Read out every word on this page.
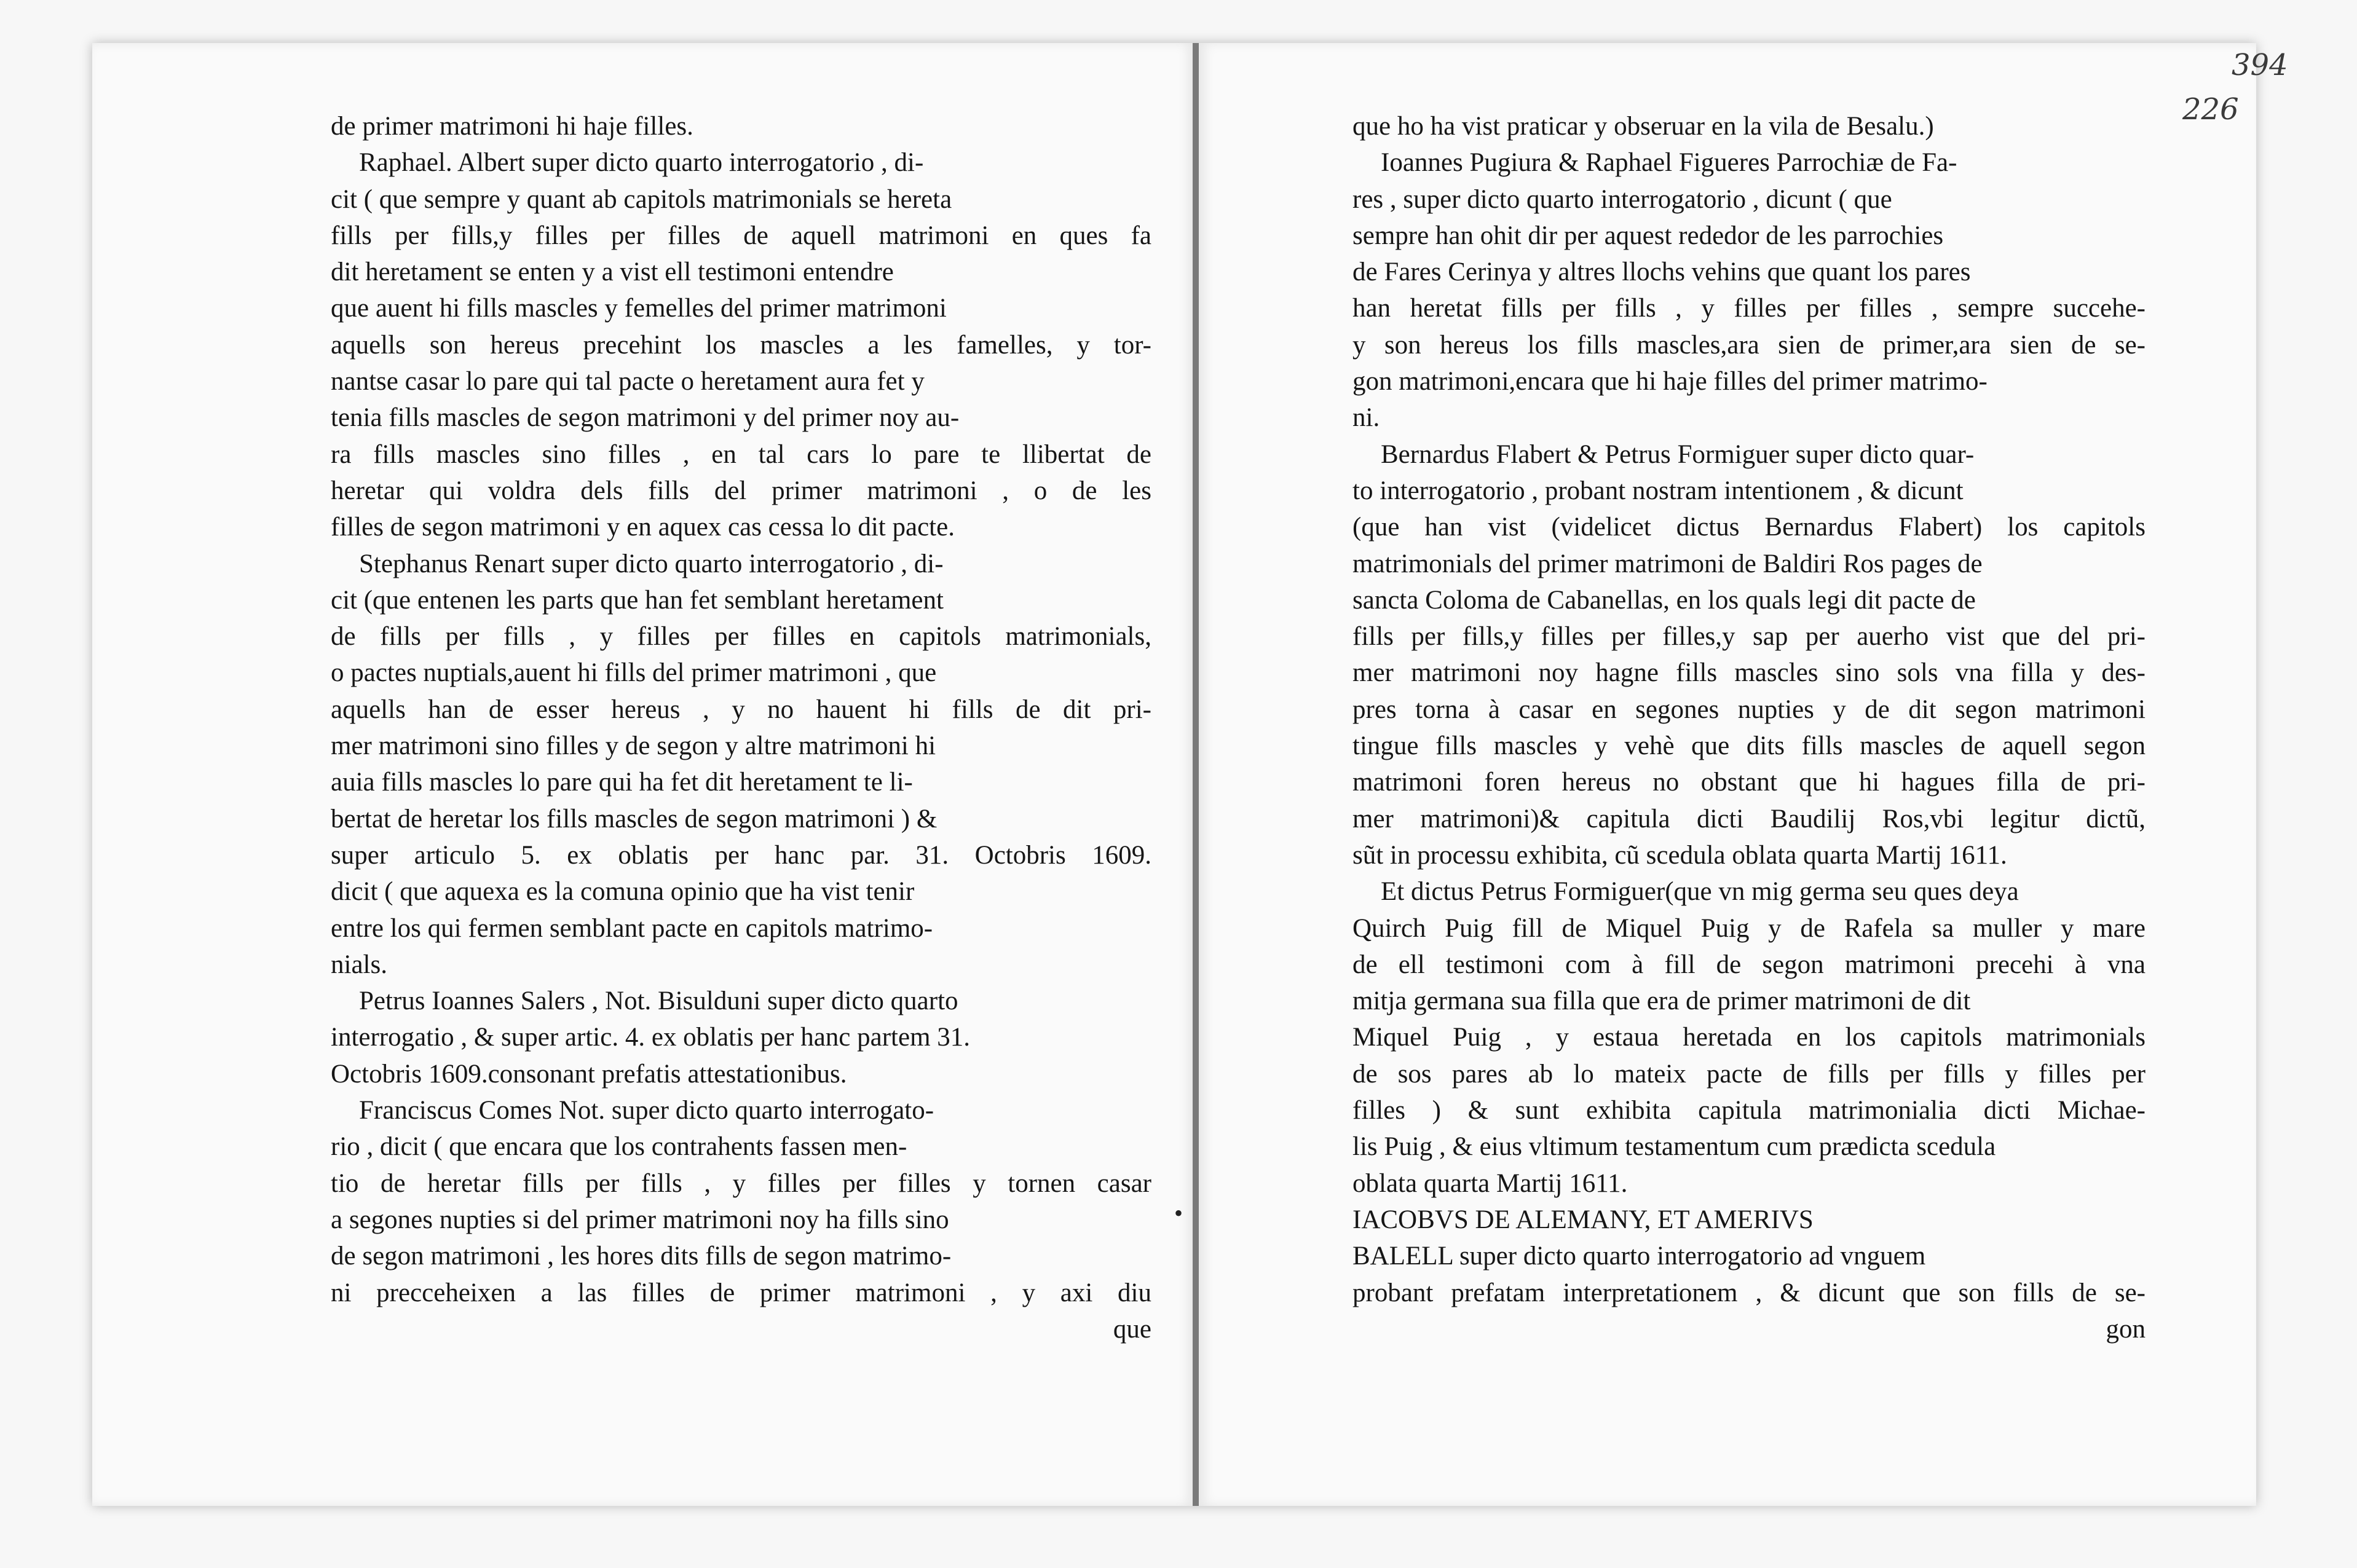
de primer matrimoni hi haje filles.
Raphael. Albert super dicto quarto interrogatorio , di-
cit ( que sempre y quant ab capitols matrimonials se hereta
fills per fills,y filles per filles de aquell matrimoni en ques fa
dit heretament se enten y a vist ell testimoni entendre
que auent hi fills mascles y femelles del primer matrimoni
aquells son hereus precehint los mascles a les famelles, y tor-
nantse casar lo pare qui tal pacte o heretament aura fet y
tenia fills mascles de segon matrimoni y del primer noy au-
ra fills mascles sino filles , en tal cars lo pare te llibertat de
heretar qui voldra dels fills del primer matrimoni , o de les
filles de segon matrimoni y en aquex cas cessa lo dit pacte.
Stephanus Renart super dicto quarto interrogatorio , di-
cit (que entenen les parts que han fet semblant heretament
de fills per fills , y filles per filles en capitols matrimonials,
o pactes nuptials,auent hi fills del primer matrimoni , que
aquells han de esser hereus , y no hauent hi fills de dit pri-
mer matrimoni sino filles y de segon y altre matrimoni hi
auia fills mascles lo pare qui ha fet dit heretament te li-
bertat de heretar los fills mascles de segon matrimoni ) &
super articulo 5. ex oblatis per hanc par. 31. Octobris 1609.
dicit ( que aquexa es la comuna opinio que ha vist tenir
entre los qui fermen semblant pacte en capitols matrimo-
nials.
Petrus Ioannes Salers , Not. Bisulduni super dicto quarto
interrogatio , & super artic. 4. ex oblatis per hanc partem 31.
Octobris 1609.consonant prefatis attestationibus.
Franciscus Comes Not. super dicto quarto interrogato-
rio , dicit ( que encara que los contrahents fassen men-
tio de heretar fills per fills , y filles per filles y tornen casar
a segones nupties si del primer matrimoni noy ha fills sino
de segon matrimoni , les hores dits fills de segon matrimo-
ni precceheixen a las filles de primer matrimoni , y axi diu
que
•
394
226
que ho ha vist praticar y obseruar en la vila de Besalu.)
Ioannes Pugiura & Raphael Figueres Parrochiæ de Fa-
res , super dicto quarto interrogatorio , dicunt ( que
sempre han ohit dir per aquest rededor de les parrochies
de Fares Cerinya y altres llochs vehins que quant los pares
han heretat fills per fills , y filles per filles , sempre succehe-
y son hereus los fills mascles,ara sien de primer,ara sien de se-
gon matrimoni,encara que hi haje filles del primer matrimo-
ni.
Bernardus Flabert & Petrus Formiguer super dicto quar-
to interrogatorio , probant nostram intentionem , & dicunt
(que han vist (videlicet dictus Bernardus Flabert) los capitols
matrimonials del primer matrimoni de Baldiri Ros pages de
sancta Coloma de Cabanellas, en los quals legi dit pacte de
fills per fills,y filles per filles,y sap per auerho vist que del pri-
mer matrimoni noy hagne fills mascles sino sols vna filla y des-
pres torna à casar en segones nupties y de dit segon matrimoni
tingue fills mascles y vehè que dits fills mascles de aquell segon
matrimoni foren hereus no obstant que hi hagues filla de pri-
mer matrimoni)& capitula dicti Baudilij Ros,vbi legitur dictũ,
sũt in processu exhibita, cũ scedula oblata quarta Martij 1611.
Et dictus Petrus Formiguer(que vn mig germa seu ques deya
Quirch Puig fill de Miquel Puig y de Rafela sa muller y mare
de ell testimoni com à fill de segon matrimoni precehi à vna
mitja germana sua filla que era de primer matrimoni de dit
Miquel Puig , y estaua heretada en los capitols matrimonials
de sos pares ab lo mateix pacte de fills per fills y filles per
filles ) & sunt exhibita capitula matrimonialia dicti Michae-
lis Puig , & eius vltimum testamentum cum prædicta scedula
oblata quarta Martij 1611.
IACOBVS DE ALEMANY, ET AMERIVS
BALELL super dicto quarto interrogatorio ad vnguem
probant prefatam interpretationem , & dicunt que son fills de se-
gon
